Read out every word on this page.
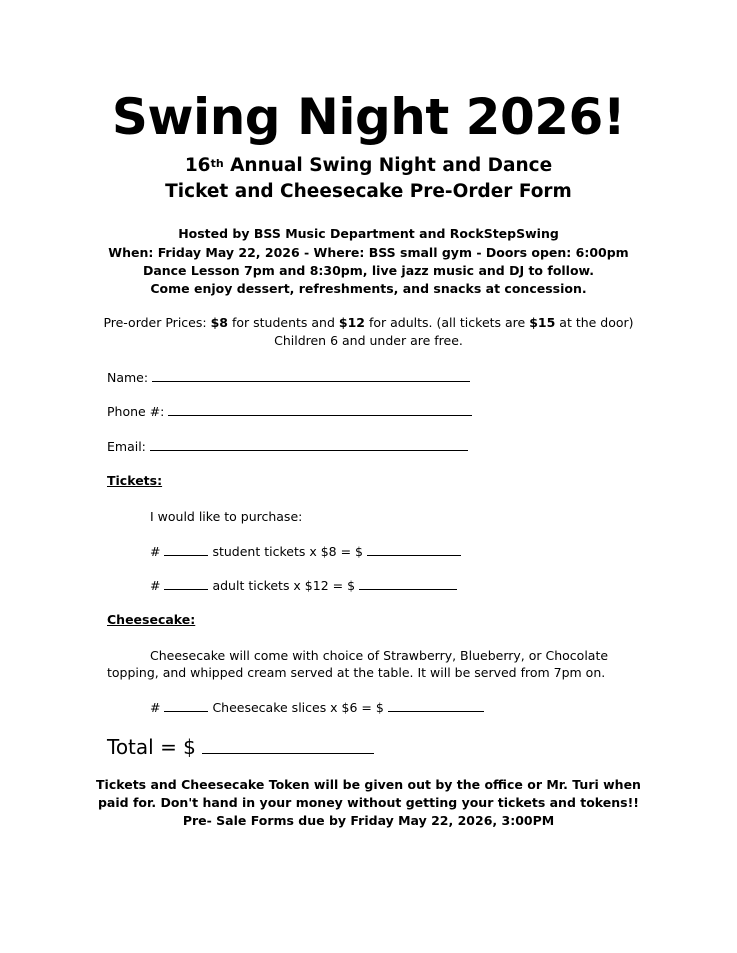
Swing Night 2026!
16th Annual Swing Night and Dance
Ticket and Cheesecake Pre-Order Form
Hosted by BSS Music Department and RockStepSwing
When: Friday May 22, 2026 - Where: BSS small gym - Doors open: 6:00pm
Dance Lesson 7pm and 8:30pm, live jazz music and DJ to follow.
Come enjoy dessert, refreshments, and snacks at concession.
Pre-order Prices: $8 for students and $12 for adults. (all tickets are $15 at the door)
Children 6 and under are free.
Name:
Phone #:
Email:
Tickets:
I would like to purchase:
#	student tickets x $8 = $
#	adult tickets x $12 = $
Cheesecake:
Cheesecake will come with choice of Strawberry, Blueberry, or Chocolate
topping, and whipped cream served at the table. It will be served from 7pm on.
#	Cheesecake slices x $6 = $
Total = $
Tickets and Cheesecake Token will be given out by the office or Mr. Turi when
paid for. Don't hand in your money without getting your tickets and tokens!!
Pre- Sale Forms due by Friday May 22, 2026, 3:00PM
